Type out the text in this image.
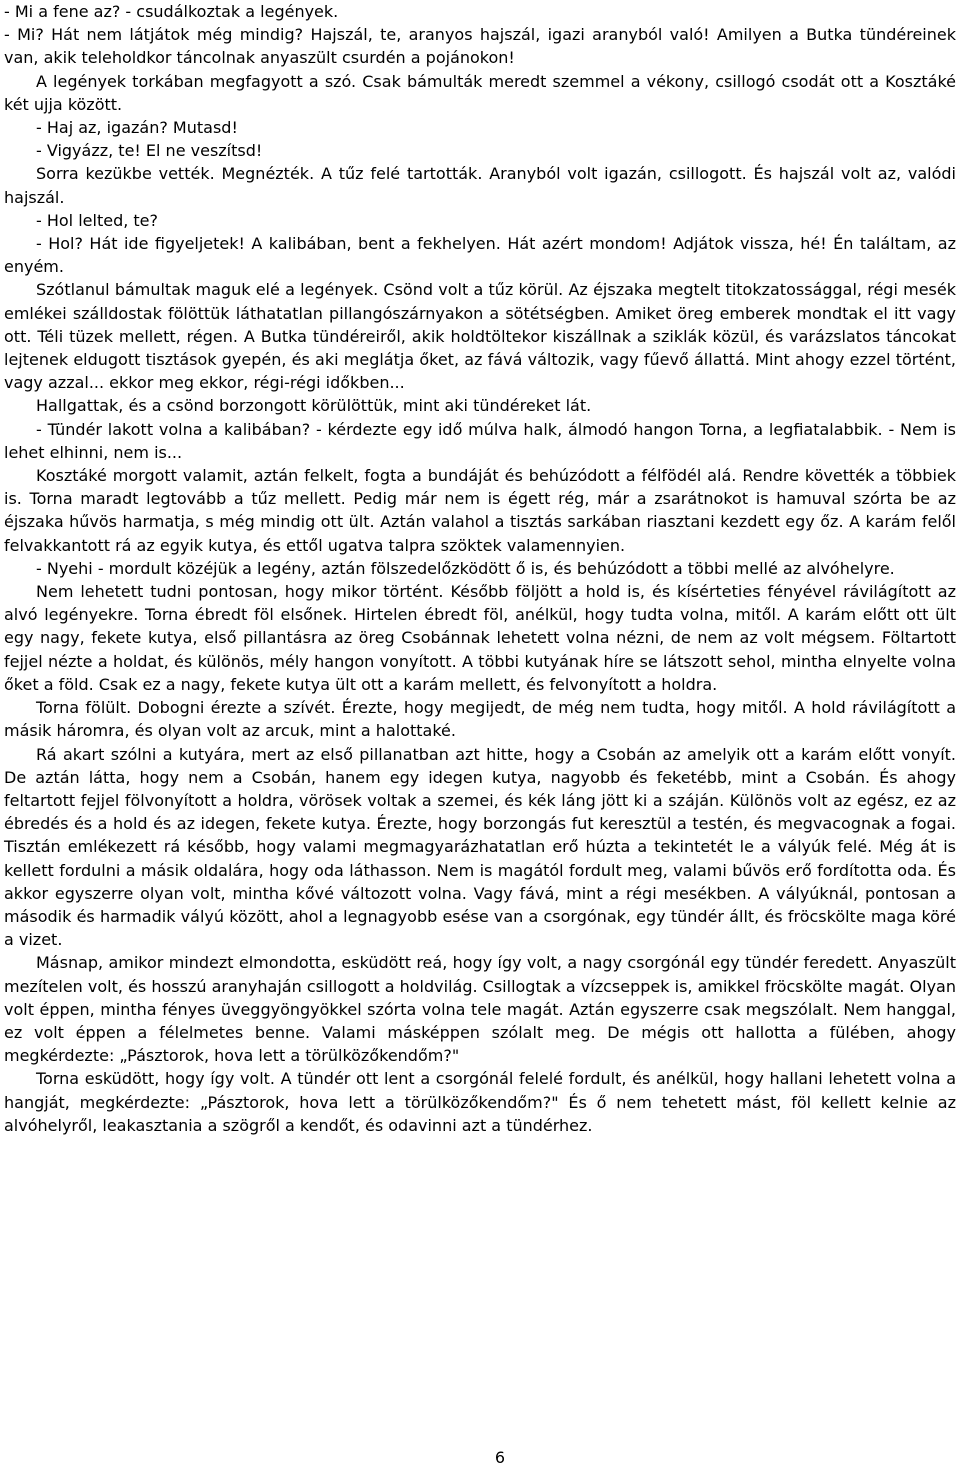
- Mi a fene az? - csudálkoztak a legények.

- Mi? Hát nem látjátok még mindig? Hajszál, te, aranyos hajszál, igazi aranyból való! Amilyen a Butka tündéreinek van, akik teleholdkor táncolnak anyaszült csurdén a pojánokon!

A legények torkában megfagyott a szó. Csak bámulták meredt szemmel a vékony, csillogó csodát ott a Kosztáké két ujja között.

- Haj az, igazán? Mutasd!

- Vigyázz, te! El ne veszítsd!

Sorra kezükbe vették. Megnézték. A tűz felé tartották. Aranyból volt igazán, csillogott. És hajszál volt az, valódi hajszál.

- Hol lelted, te?

- Hol? Hát ide figyeljetek! A kalibában, bent a fekhelyen. Hát azért mondom! Adjátok vissza, hé! Én találtam, az enyém.

Szótlanul bámultak maguk elé a legények. Csönd volt a tűz körül. Az éjszaka megtelt titokzatossággal, régi mesék emlékei szálldostak fölöttük láthatatlan pillangószárnyakon a sötétségben. Amiket öreg emberek mondtak el itt vagy ott. Téli tüzek mellett, régen. A Butka tündéreiről, akik holdtöltekor kiszállnak a sziklák közül, és varázslatos táncokat lejtenek eldugott tisztások gyepén, és aki meglátja őket, az fává változik, vagy fűevő állattá. Mint ahogy ezzel történt, vagy azzal... ekkor meg ekkor, régi-régi időkben...

Hallgattak, és a csönd borzongott körülöttük, mint aki tündéreket lát.

- Tündér lakott volna a kalibában? - kérdezte egy idő múlva halk, álmodó hangon Torna, a legfiatalabbik. - Nem is lehet elhinni, nem is...

Kosztáké morgott valamit, aztán felkelt, fogta a bundáját és behúzódott a félfödél alá. Rendre követték a többiek is. Torna maradt legtovább a tűz mellett. Pedig már nem is égett rég, már a zsarátnokot is hamuval szórta be az éjszaka hűvös harmatja, s még mindig ott ült. Aztán valahol a tisztás sarkában riasztani kezdett egy őz. A karám felől felvakkantott rá az egyik kutya, és ettől ugatva talpra szöktek valamennyien.

- Nyehi - mordult közéjük a legény, aztán fölszedelőzködött ő is, és behúzódott a többi mellé az alvóhelyre.

Nem lehetett tudni pontosan, hogy mikor történt. Később följött a hold is, és kísérteties fényével rávilágított az alvó legényekre. Torna ébredt föl elsőnek. Hirtelen ébredt föl, anélkül, hogy tudta volna, mitől. A karám előtt ott ült egy nagy, fekete kutya, első pillantásra az öreg Csobánnak lehetett volna nézni, de nem az volt mégsem. Föltartott fejjel nézte a holdat, és különös, mély hangon vonyított. A többi kutyának híre se látszott sehol, mintha elnyelte volna őket a föld. Csak ez a nagy, fekete kutya ült ott a karám mellett, és felvonyított a holdra.

Torna fölült. Dobogni érezte a szívét. Érezte, hogy megijedt, de még nem tudta, hogy mitől. A hold rávilágított a másik háromra, és olyan volt az arcuk, mint a halottaké.

Rá akart szólni a kutyára, mert az első pillanatban azt hitte, hogy a Csobán az amelyik ott a karám előtt vonyít. De aztán látta, hogy nem a Csobán, hanem egy idegen kutya, nagyobb és feketébb, mint a Csobán. És ahogy feltartott fejjel fölvonyított a holdra, vörösek voltak a szemei, és kék láng jött ki a száján. Különös volt az egész, ez az ébredés és a hold és az idegen, fekete kutya. Érezte, hogy borzongás fut keresztül a testén, és megvacognak a fogai. Tisztán emlékezett rá később, hogy valami megmagyarázhatatlan erő húzta a tekintetét le a vályúk felé. Még át is kellett fordulni a másik oldalára, hogy oda láthasson. Nem is magától fordult meg, valami bűvös erő fordította oda. És akkor egyszerre olyan volt, mintha kővé változott volna. Vagy fává, mint a régi mesékben. A vályúknál, pontosan a második és harmadik vályú között, ahol a legnagyobb esése van a csorgónak, egy tündér állt, és fröcskölte maga köré a vizet.

Másnap, amikor mindezt elmondotta, esküdött reá, hogy így volt, a nagy csorgónál egy tündér feredett. Anyaszült mezítelen volt, és hosszú aranyhaján csillogott a holdvilág. Csillogtak a vízcseppek is, amikkel fröcskölte magát. Olyan volt éppen, mintha fényes üveggyöngyökkel szórta volna tele magát. Aztán egyszerre csak megszólalt. Nem hanggal, ez volt éppen a félelmetes benne. Valami másképpen szólalt meg. De mégis ott hallotta a fülében, ahogy megkérdezte: „Pásztorok, hova lett a törülközőkendőm?"

Torna esküdött, hogy így volt. A tündér ott lent a csorgónál felelé fordult, és anélkül, hogy hallani lehetett volna a hangját, megkérdezte: „Pásztorok, hova lett a törülközőkendőm?" És ő nem tehetett mást, föl kellett kelnie az alvóhelyről, leakasztania a szögről a kendőt, és odavinni azt a tündérhez.

6
